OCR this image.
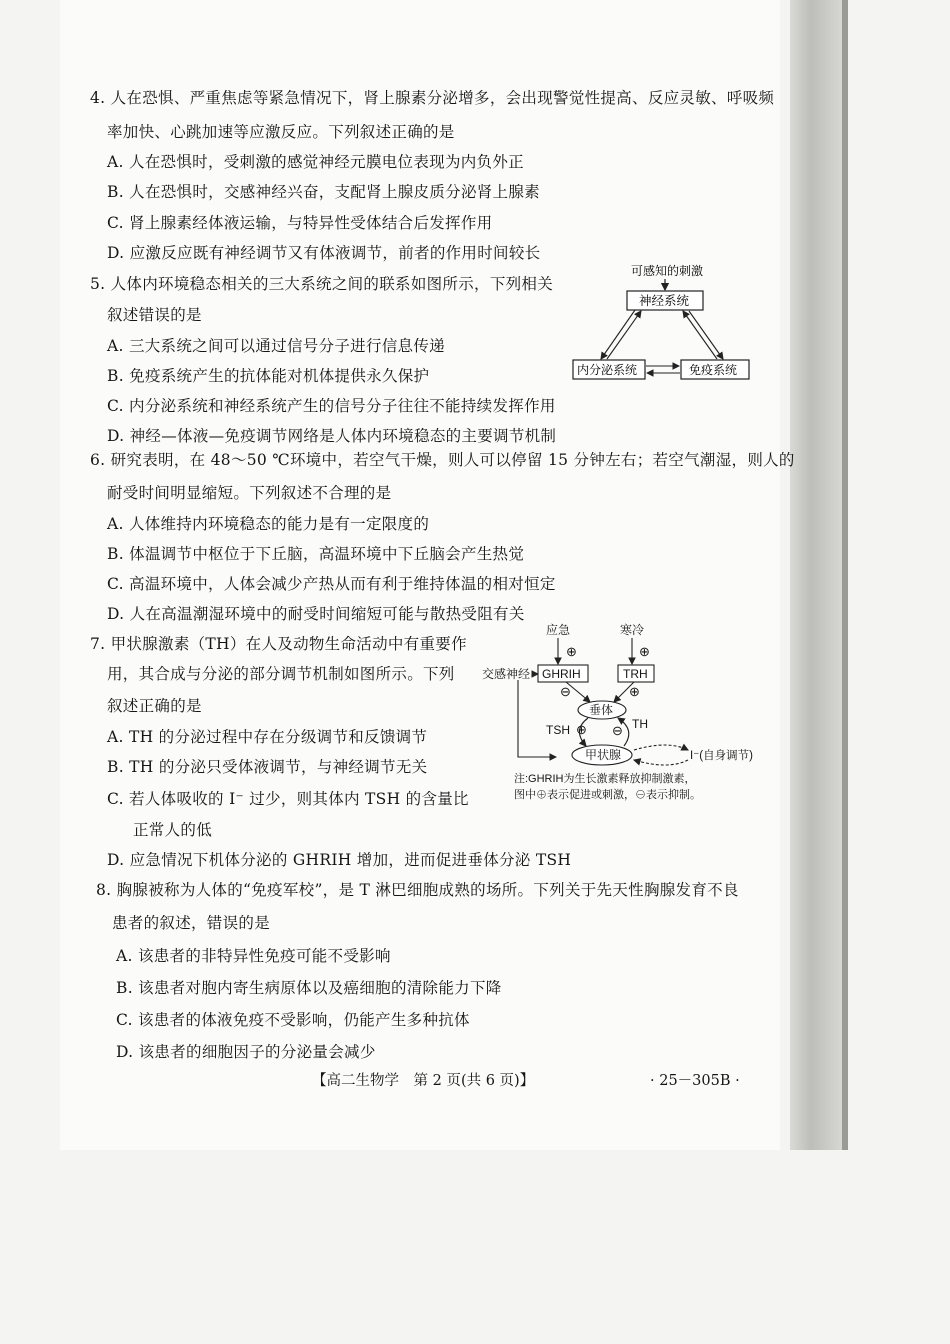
4. 人在恐惧、严重焦虑等紧急情况下，肾上腺素分泌增多，会出现警觉性提高、反应灵敏、呼吸频
率加快、心跳加速等应激反应。下列叙述正确的是
A. 人在恐惧时，受刺激的感觉神经元膜电位表现为内负外正
B. 人在恐惧时，交感神经兴奋，支配肾上腺皮质分泌肾上腺素
C. 肾上腺素经体液运输，与特异性受体结合后发挥作用
D. 应激反应既有神经调节又有体液调节，前者的作用时间较长
5. 人体内环境稳态相关的三大系统之间的联系如图所示，下列相关
叙述错误的是
A. 三大系统之间可以通过信号分子进行信息传递
B. 免疫系统产生的抗体能对机体提供永久保护
C. 内分泌系统和神经系统产生的信号分子往往不能持续发挥作用
D. 神经—体液—免疫调节网络是人体内环境稳态的主要调节机制
可感知的刺激
神经系统
内分泌系统	免疫系统
6. 研究表明，在 48～50 ℃环境中，若空气干燥，则人可以停留 15 分钟左右；若空气潮湿，则人的
耐受时间明显缩短。下列叙述不合理的是
A. 人体维持内环境稳态的能力是有一定限度的
B. 体温调节中枢位于下丘脑，高温环境中下丘脑会产生热觉
C. 高温环境中，人体会减少产热从而有利于维持体温的相对恒定
D. 人在高温潮湿环境中的耐受时间缩短可能与散热受阻有关
7. 甲状腺激素（TH）在人及动物生命活动中有重要作
用，其合成与分泌的部分调节机制如图所示。下列
叙述正确的是
A. TH 的分泌过程中存在分级调节和反馈调节
B. TH 的分泌只受体液调节，与神经调节无关
C. 若人体吸收的 I⁻ 过少，则其体内 TSH 的含量比
正常人的低
D. 应急情况下机体分泌的 GHRIH 增加，进而促进垂体分泌 TSH
应急	寒冷
⊕	⊕
交感神经 GHRIH	TRH
⊖	⊕
垂体
TSH ⊕ ⊖ TH
甲状腺	I⁻(自身调节)
注:GHRIH为生长激素释放抑制激素，
图中⊕表示促进或刺激，⊖表示抑制。
8. 胸腺被称为人体的“免疫军校”，是 T 淋巴细胞成熟的场所。下列关于先天性胸腺发育不良
患者的叙述，错误的是
A. 该患者的非特异性免疫可能不受影响
B. 该患者对胞内寄生病原体以及癌细胞的清除能力下降
C. 该患者的体液免疫不受影响，仍能产生多种抗体
D. 该患者的细胞因子的分泌量会减少
【高二生物学　第 2 页(共 6 页)】	· 25－305B ·
